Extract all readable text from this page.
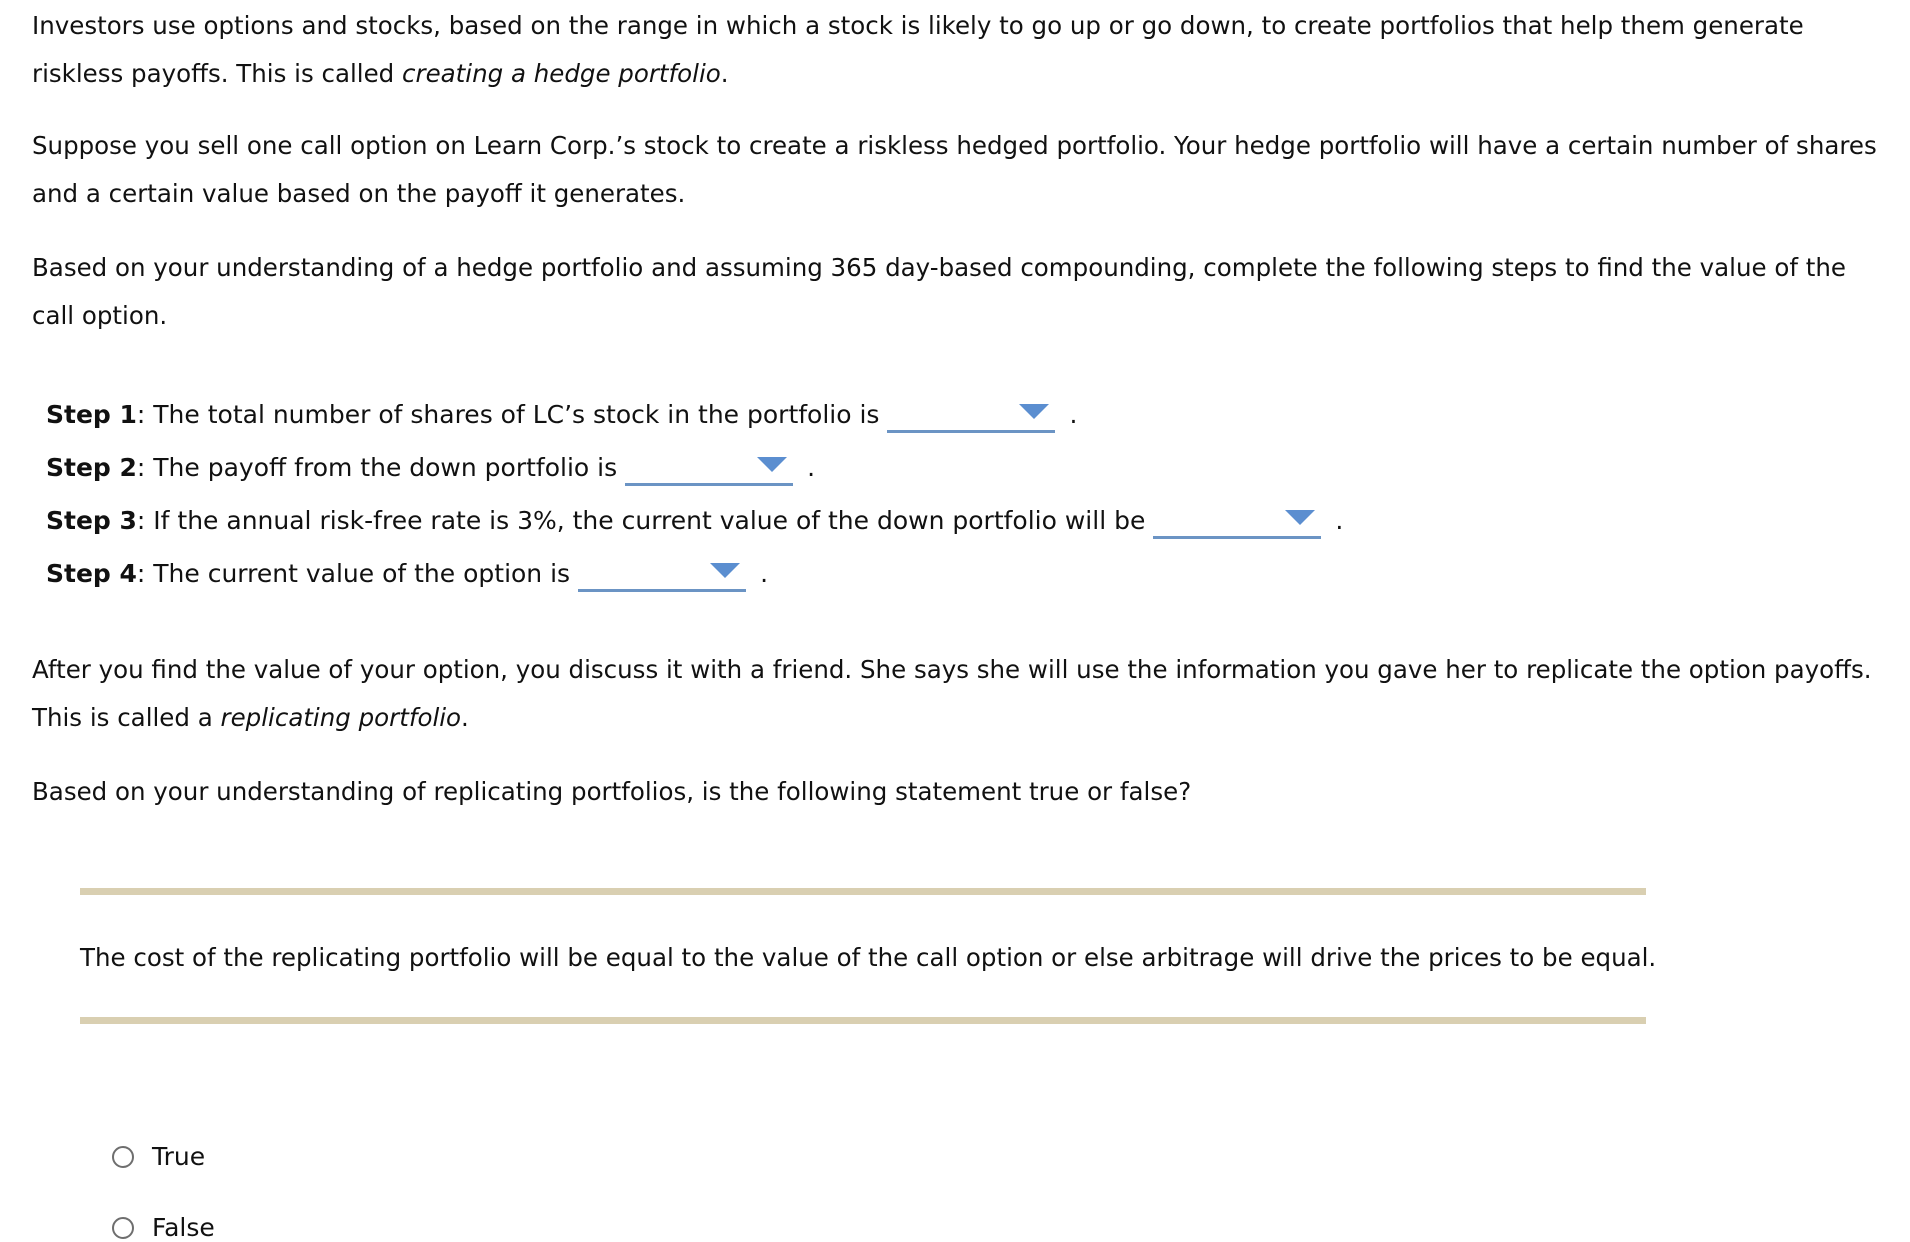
Investors use options and stocks, based on the range in which a stock is likely to go up or go down, to create portfolios that help them generate riskless payoffs. This is called creating a hedge portfolio.

Suppose you sell one call option on Learn Corp.’s stock to create a riskless hedged portfolio. Your hedge portfolio will have a certain number of shares and a certain value based on the payoff it generates.

Based on your understanding of a hedge portfolio and assuming 365 day-based compounding, complete the following steps to find the value of the call option.

Step 1 : The total number of shares of LC’s stock in the portfolio is	.
Step 2 : The payoff from the down portfolio is	.
Step 3 : If the annual risk-free rate is 3%, the current value of the down portfolio will be	.
Step 4 : The current value of the option is	.

After you find the value of your option, you discuss it with a friend. She says she will use the information you gave her to replicate the option payoffs. This is called a replicating portfolio.

Based on your understanding of replicating portfolios, is the following statement true or false?

The cost of the replicating portfolio will be equal to the value of the call option or else arbitrage will drive the prices to be equal.
True
False
